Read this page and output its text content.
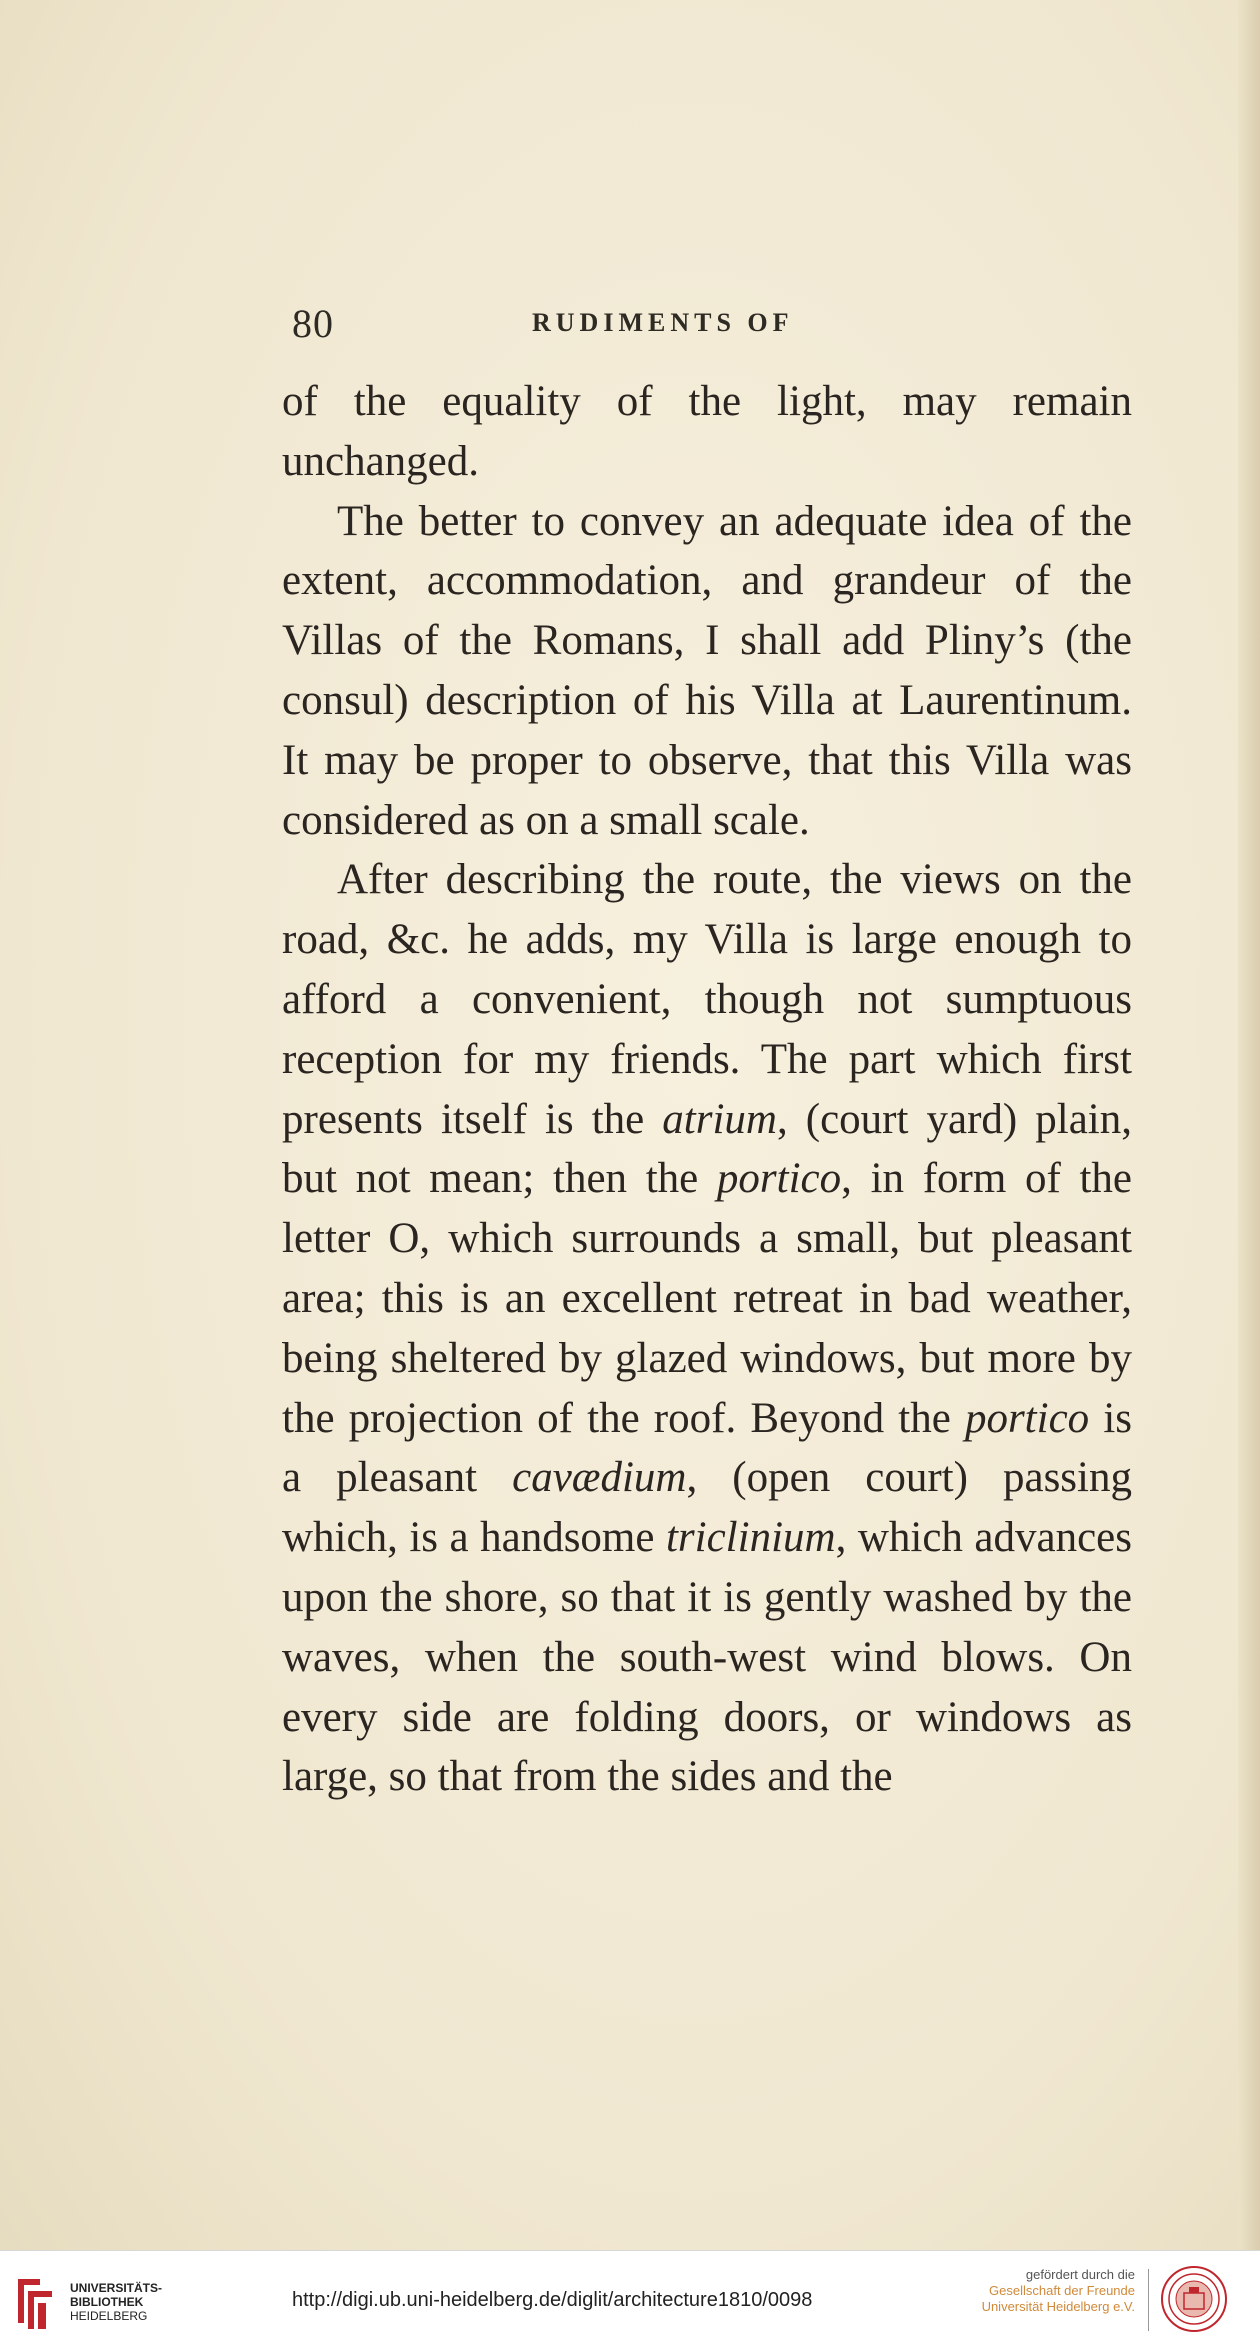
80	RUDIMENTS OF

of the equality of the light, may remain unchanged.

The better to convey an adequate idea of the extent, accommodation, and grandeur of the Villas of the Romans, I shall add Pliny’s (the consul) description of his Villa at Laurentinum. It may be proper to observe, that this Villa was considered as on a small scale.

After describing the route, the views on the road, &c. he adds, my Villa is large enough to afford a convenient, though not sumptuous reception for my friends. The part which first presents itself is the atrium, (court yard) plain, but not mean; then the portico, in form of the letter O, which surrounds a small, but pleasant area; this is an excellent retreat in bad weather, being sheltered by glazed windows, but more by the projection of the roof. Beyond the portico is a pleasant cavædium, (open court) passing which, is a handsome triclinium, which advances upon the shore, so that it is gently washed by the waves, when the south-west wind blows. On every side are folding doors, or windows as large, so that from the sides and the

UNIVERSITÄTS-
BIBLIOTHEK
HEIDELBERG
http://digi.ub.uni-heidelberg.de/diglit/architecture1810/0098
gefördert durch die
Gesellschaft der Freunde
Universität Heidelberg e.V.
